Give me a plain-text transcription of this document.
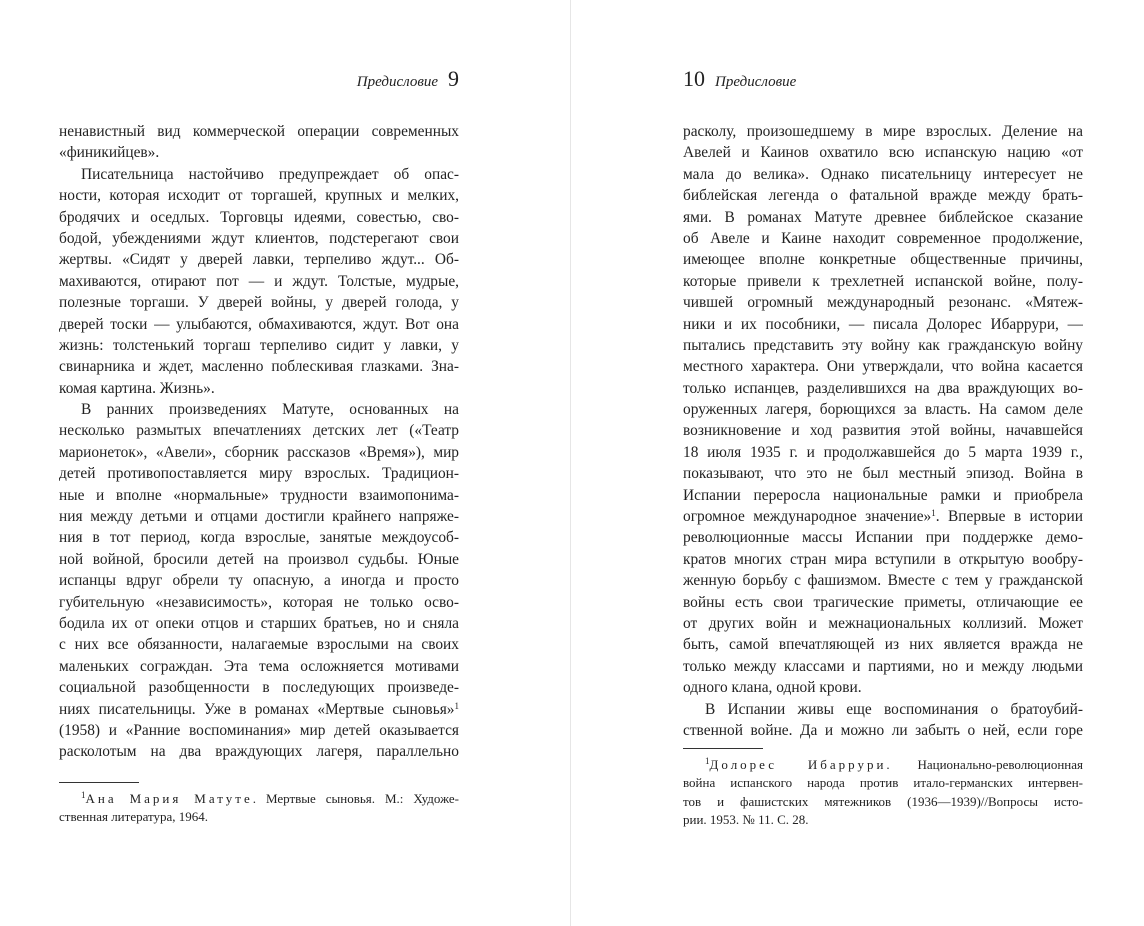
Предисловие 9
ненавистный вид коммерческой операции современных
«финикийцев».
Писательница настойчиво предупреждает об опас-
ности, которая исходит от торгашей, крупных и мелких,
бродячих и оседлых. Торговцы идеями, совестью, сво-
бодой, убеждениями ждут клиентов, подстерегают свои
жертвы. «Сидят у дверей лавки, терпеливо ждут... Об-
махиваются, отирают пот — и ждут. Толстые, мудрые,
полезные торгаши. У дверей войны, у дверей голода, у
дверей тоски — улыбаются, обмахиваются, ждут. Вот она
жизнь: толстенький торгаш терпеливо сидит у лавки, у
свинарника и ждет, масленно поблескивая глазками. Зна-
комая картина. Жизнь».
В ранних произведениях Матуте, основанных на
несколько размытых впечатлениях детских лет («Театр
марионеток», «Авели», сборник рассказов «Время»), мир
детей противопоставляется миру взрослых. Традицион-
ные и вполне «нормальные» трудности взаимопонима-
ния между детьми и отцами достигли крайнего напряже-
ния в тот период, когда взрослые, занятые междоусоб-
ной войной, бросили детей на произвол судьбы. Юные
испанцы вдруг обрели ту опасную, а иногда и просто
губительную «независимость», которая не только осво-
бодила их от опеки отцов и старших братьев, но и сняла
с них все обязанности, налагаемые взрослыми на своих
маленьких сограждан. Эта тема осложняется мотивами
социальной разобщенности в последующих произведе-
ниях писательницы. Уже в романах «Мертвые сыновья»$^1$
(1958) и «Ранние воспоминания» мир детей оказывается
расколотым на два враждующих лагеря, параллельно
$^1$Ана Мария Матуте. Мертвые сыновья. М.: Художе-
ственная литература, 1964.
10 Предисловие
расколу, произошедшему в мире взрослых. Деление на
Авелей и Каинов охватило всю испанскую нацию «от
мала до велика». Однако писательницу интересует не
библейская легенда о фатальной вражде между брать-
ями. В романах Матуте древнее библейское сказание
об Авеле и Каине находит современное продолжение,
имеющее вполне конкретные общественные причины,
которые привели к трехлетней испанской войне, полу-
чившей огромный международный резонанс. «Мятеж-
ники и их пособники, — писала Долорес Ибаррури, —
пытались представить эту войну как гражданскую войну
местного характера. Они утверждали, что война касается
только испанцев, разделившихся на два враждующих во-
оруженных лагеря, борющихся за власть. На самом деле
возникновение и ход развития этой войны, начавшейся
18 июля 1935 г. и продолжавшейся до 5 марта 1939 г.,
показывают, что это не был местный эпизод. Война в
Испании переросла национальные рамки и приобрела
огромное международное значение»$^1$. Впервые в истории
революционные массы Испании при поддержке демо-
кратов многих стран мира вступили в открытую вообру-
женную борьбу с фашизмом. Вместе с тем у гражданской
войны есть свои трагические приметы, отличающие ее
от других войн и межнациональных коллизий. Может
быть, самой впечатляющей из них является вражда не
только между классами и партиями, но и между людьми
одного клана, одной крови.
В Испании живы еще воспоминания о братоубий-
ственной войне. Да и можно ли забыть о ней, если горе
$^1$Долорес Ибаррури. Национально-революционная
война испанского народа против итало-германских интервен-
тов и фашистских мятежников (1936—1939)//Вопросы исто-
рии. 1953. № 11. С. 28.
